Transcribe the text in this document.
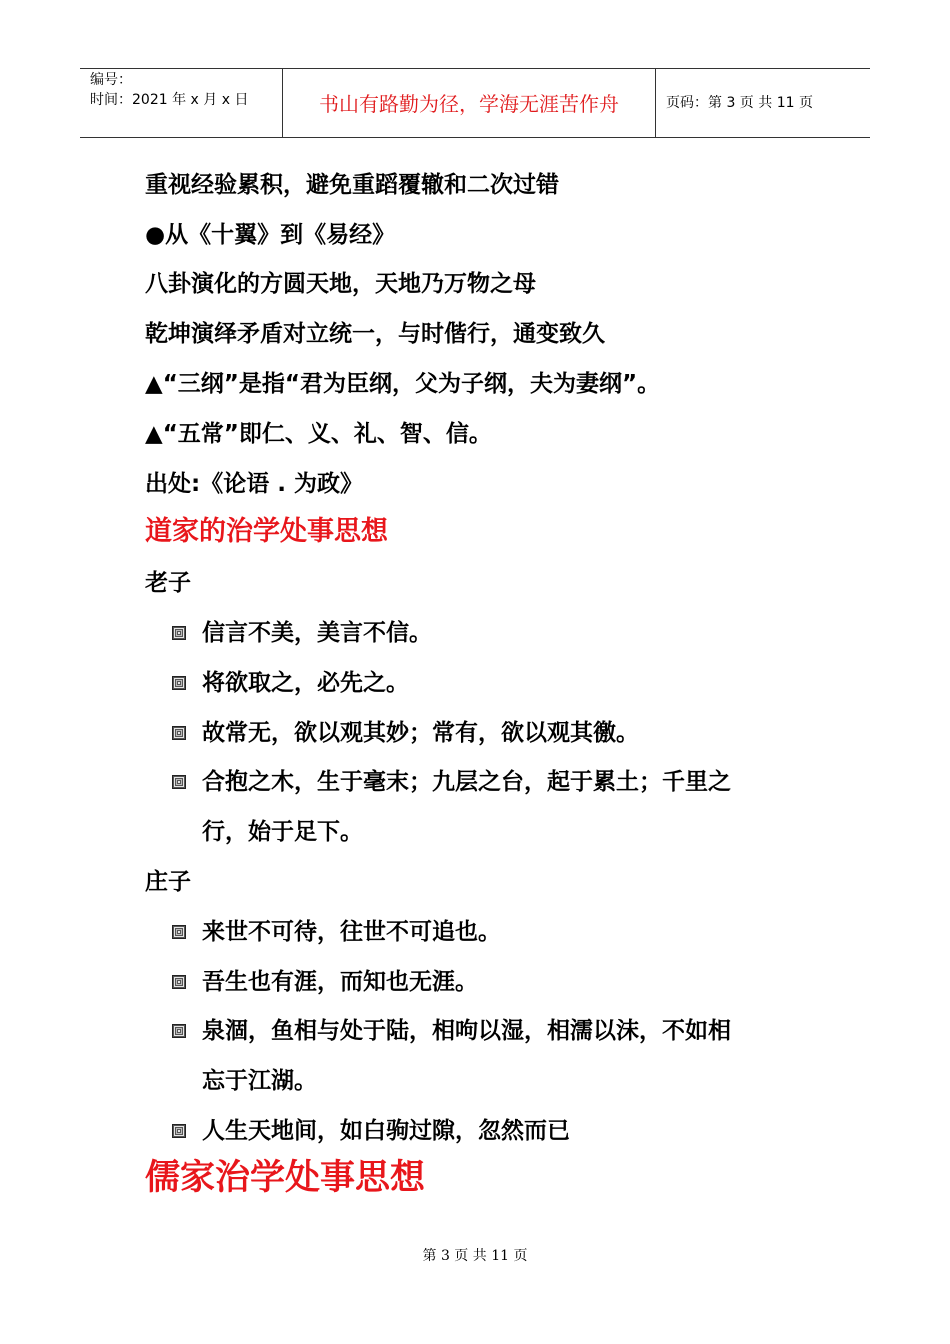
编号：
时间：2021 年 x 月 x 日	书山有路勤为径，学海无涯苦作舟	页码：第 3 页 共 11 页
重视经验累积，避免重蹈覆辙和二次过错
●从《十翼》到《易经》
八卦演化的方圆天地，天地乃万物之母
乾坤演绎矛盾对立统一，与时偕行，通变致久
▲“三纲”是指“君为臣纲，父为子纲，夫为妻纲”。
▲“五常”即仁、义、礼、智、信。
出处:《论语 . 为政》
道家的治学处事思想
老子
信言不美，美言不信。
将欲取之，必先之。
故常无，欲以观其妙；常有，欲以观其徼。
合抱之木，生于毫末；九层之台，起于累土；千里之
行，始于足下。
庄子
来世不可待，往世不可追也。
吾生也有涯，而知也无涯。
泉涸，鱼相与处于陆，相呴以湿，相濡以沫，不如相
忘于江湖。
人生天地间，如白驹过隙，忽然而已
儒家治学处事思想
第 3 页 共 11 页
